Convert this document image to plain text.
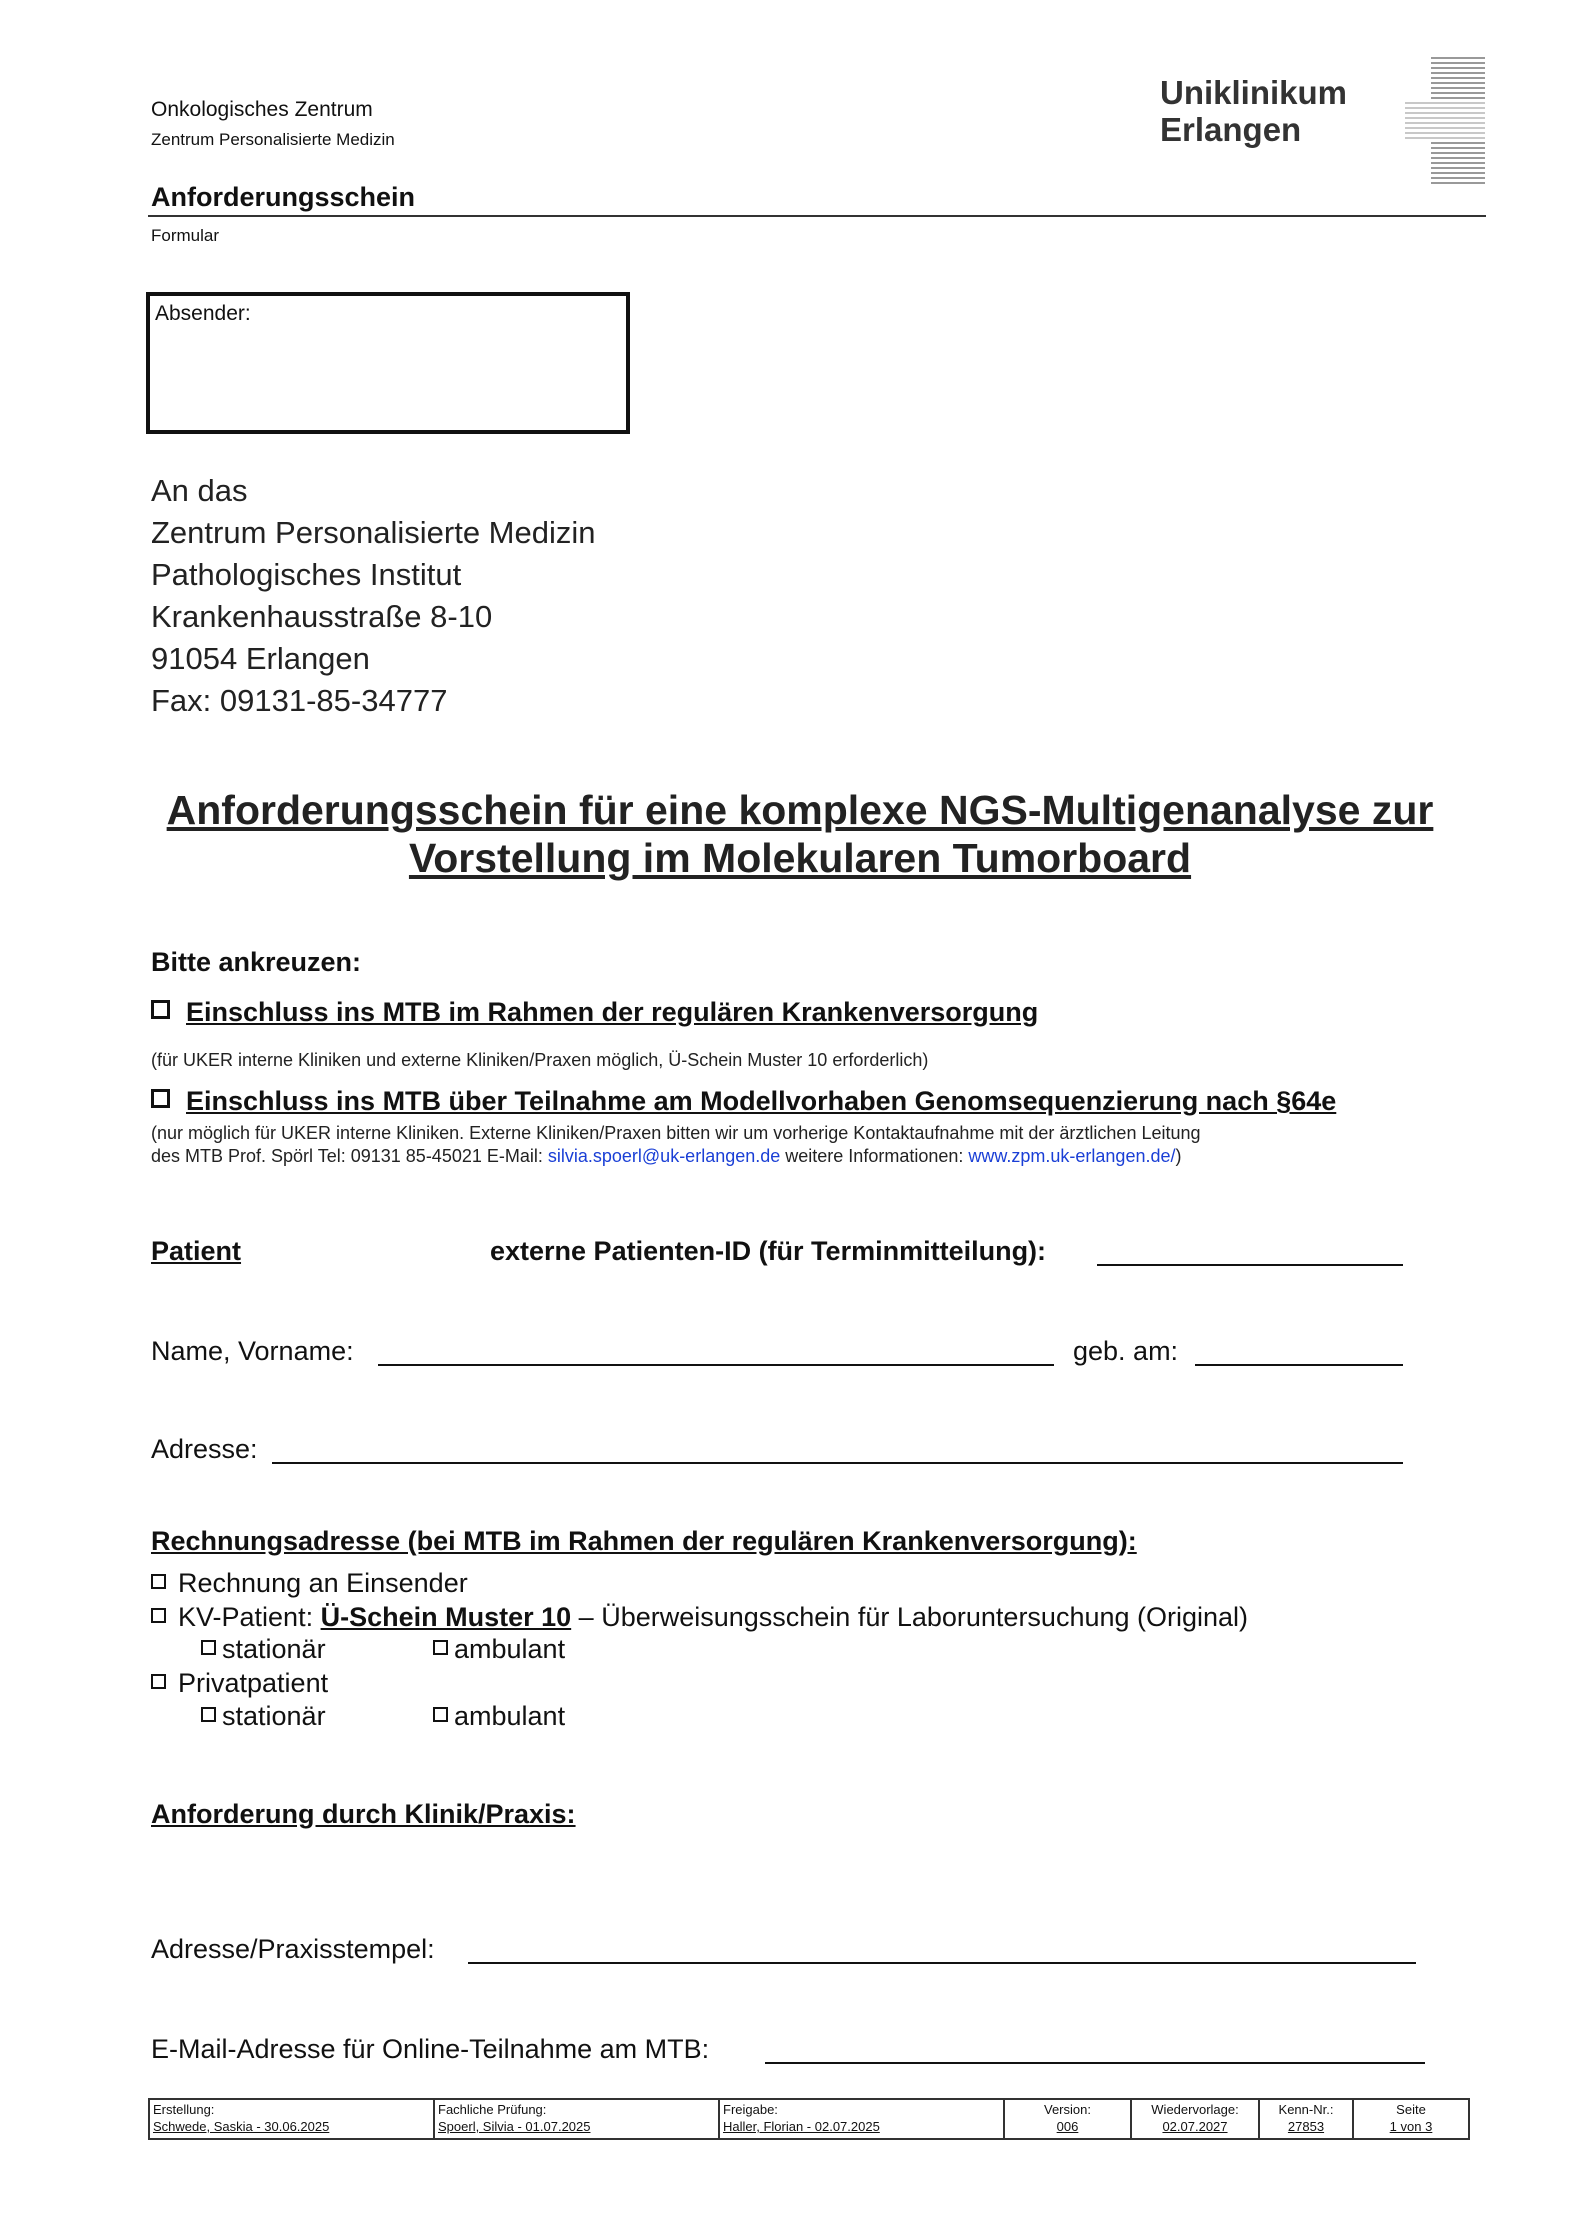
Onkologisches Zentrum
Zentrum Personalisierte Medizin
Uniklinikum
Erlangen
Anforderungsschein
Formular
Absender:
An das
Zentrum Personalisierte Medizin
Pathologisches Institut
Krankenhausstraße 8-10
91054 Erlangen
Fax: 09131-85-34777
Anforderungsschein für eine komplexe NGS-Multigenanalyse zur
Vorstellung im Molekularen Tumorboard
Bitte ankreuzen:
Einschluss ins MTB im Rahmen der regulären Krankenversorgung
(für UKER interne Kliniken und externe Kliniken/Praxen möglich, Ü-Schein Muster 10 erforderlich)
Einschluss ins MTB über Teilnahme am Modellvorhaben Genomsequenzierung nach §64e
(nur möglich für UKER interne Kliniken. Externe Kliniken/Praxen bitten wir um vorherige Kontaktaufnahme mit der ärztlichen Leitung
des MTB Prof. Spörl Tel: 09131 85-45021 E-Mail: silvia.spoerl@uk-erlangen.de weitere Informationen: www.zpm.uk-erlangen.de/)
Patient	externe Patienten-ID (für Terminmitteilung):
Name, Vorname:	geb. am:
Adresse:
Rechnungsadresse (bei MTB im Rahmen der regulären Krankenversorgung):
Rechnung an Einsender
KV-Patient: Ü-Schein Muster 10 – Überweisungsschein für Laboruntersuchung (Original)
stationär	ambulant
Privatpatient
stationär	ambulant
Anforderung durch Klinik/Praxis:
Adresse/Praxisstempel:
E-Mail-Adresse für Online-Teilnahme am MTB:
Erstellung:
Schwede, Saskia - 30.06.2025
Fachliche Prüfung:
Spoerl, Silvia - 01.07.2025
Freigabe:
Haller, Florian - 02.07.2025
Version:
006
Wiedervorlage:
02.07.2027
Kenn-Nr.:
27853
Seite
1 von 3
